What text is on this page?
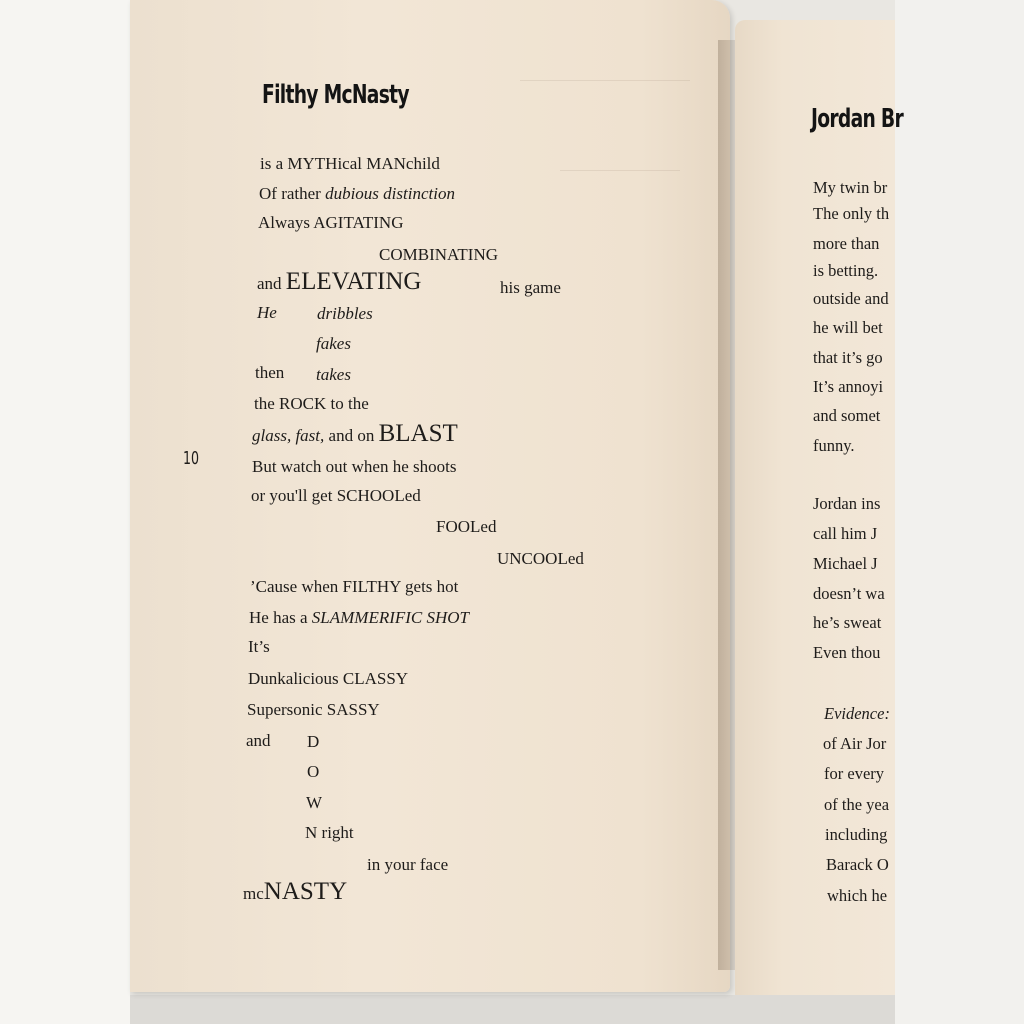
Filthy McNasty
is a MYTHical MANchild
Of rather dubious distinction
Always AGITATING
COMBINATING
and ELEVATING	his game
He dribbles
fakes
then takes
the ROCK to the
glass, fast, and on BLAST
But watch out when he shoots
or you'll get SCHOOLed
FOOLed
UNCOOLed
’Cause when FILTHY gets hot
He has a SLAMMERIFIC SHOT
It’s
Dunkalicious CLASSY
Supersonic SASSY
and D
O
W
N right
in your face
mcNASTY
10
Jordan Br
My twin br
The only th
more than
is betting.
outside and
he will bet
that it’s go
It’s annoyi
and somet
funny.
Jordan ins
call him J
Michael J
doesn’t wa
he’s sweat
Even thou
Evidence:
of Air Jor
for every
of the yea
including
Barack O
which he
